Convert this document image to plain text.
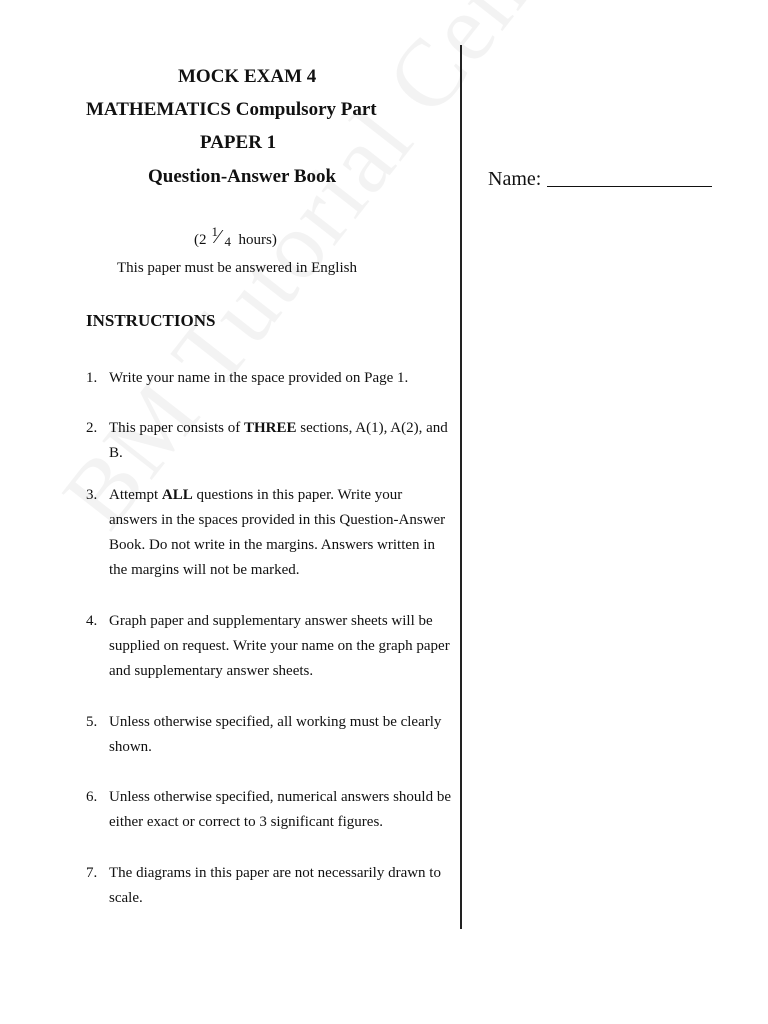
MOCK EXAM 4
MATHEMATICS Compulsory Part
PAPER 1
Question-Answer Book
(2
1
⁄ 4 hours)
This paper must be answered in English
INSTRUCTIONS
1. Write your name in the space provided on Page 1.
2. This paper consists of THREE sections, A(1), A(2), and B.
3. Attempt ALL questions in this paper. Write your answers in the spaces provided in this Question-Answer Book. Do not write in the margins. Answers written in the margins will not be marked.
4. Graph paper and supplementary answer sheets will be supplied on request. Write your name on the graph paper and supplementary answer sheets.
5. Unless otherwise specified, all working must be clearly shown.
6. Unless otherwise specified, numerical answers should be either exact or correct to 3 significant figures.
7. The diagrams in this paper are not necessarily drawn to scale.
Name:
